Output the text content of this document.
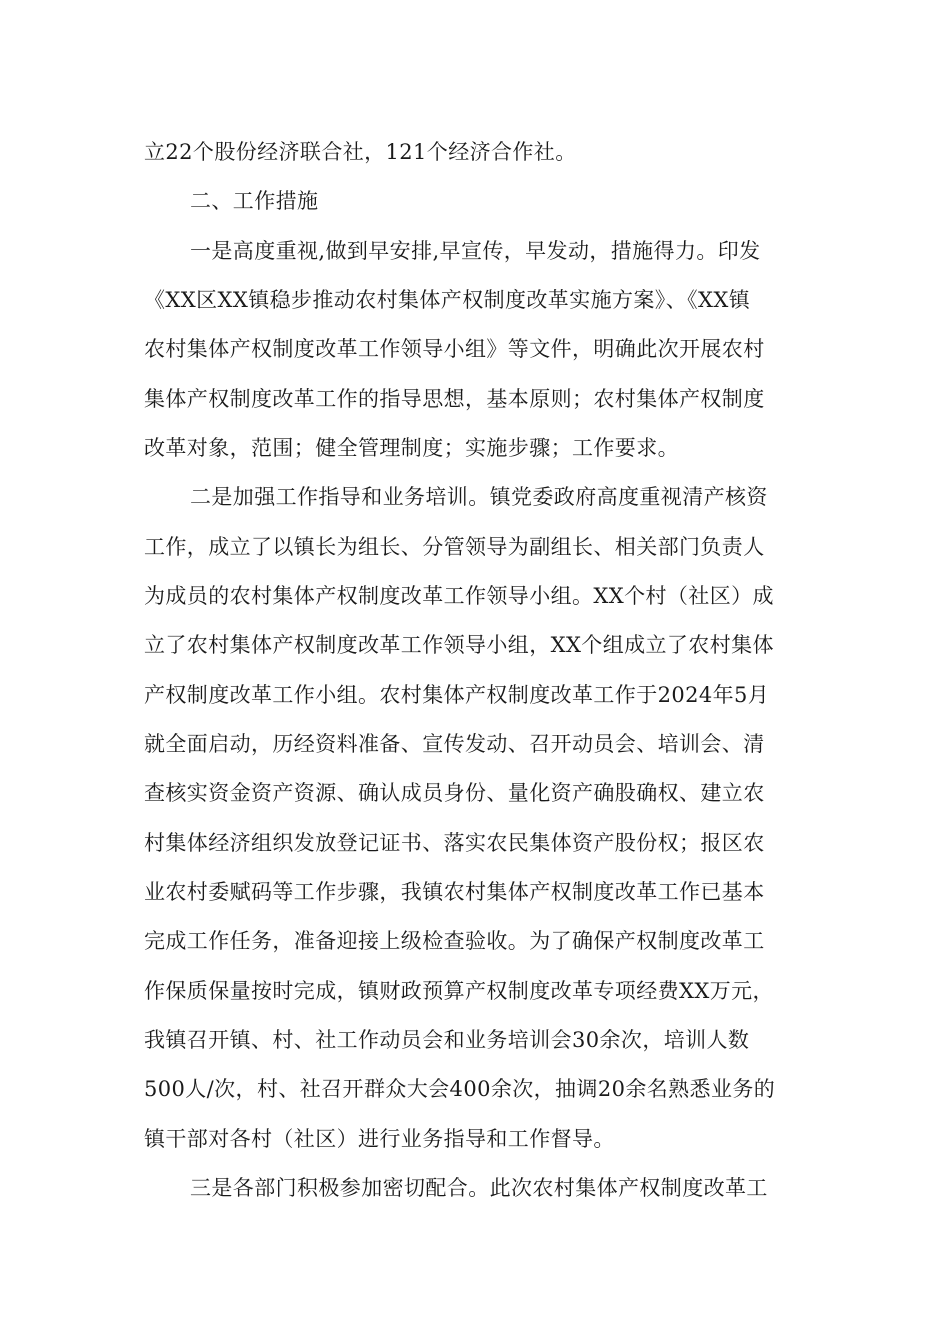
立22个股份经济联合社，121个经济合作社。
二、工作措施
一是高度重视,做到早安排,早宣传，早发动，措施得力。印发
《XX区XX镇稳步推动农村集体产权制度改革实施方案》、《XX镇
农村集体产权制度改革工作领导小组》等文件，明确此次开展农村
集体产权制度改革工作的指导思想，基本原则；农村集体产权制度
改革对象，范围；健全管理制度；实施步骤；工作要求。
二是加强工作指导和业务培训。镇党委政府高度重视清产核资
工作，成立了以镇长为组长、分管领导为副组长、相关部门负责人
为成员的农村集体产权制度改革工作领导小组。XX个村（社区）成
立了农村集体产权制度改革工作领导小组，XX个组成立了农村集体
产权制度改革工作小组。农村集体产权制度改革工作于2024年5月
就全面启动，历经资料准备、宣传发动、召开动员会、培训会、清
查核实资金资产资源、确认成员身份、量化资产确股确权、建立农
村集体经济组织发放登记证书、落实农民集体资产股份权；报区农
业农村委赋码等工作步骤，我镇农村集体产权制度改革工作已基本
完成工作任务，准备迎接上级检查验收。为了确保产权制度改革工
作保质保量按时完成，镇财政预算产权制度改革专项经费XX万元，
我镇召开镇、村、社工作动员会和业务培训会30余次，培训人数
500人/次，村、社召开群众大会400余次，抽调20余名熟悉业务的
镇干部对各村（社区）进行业务指导和工作督导。
三是各部门积极参加密切配合。此次农村集体产权制度改革工
